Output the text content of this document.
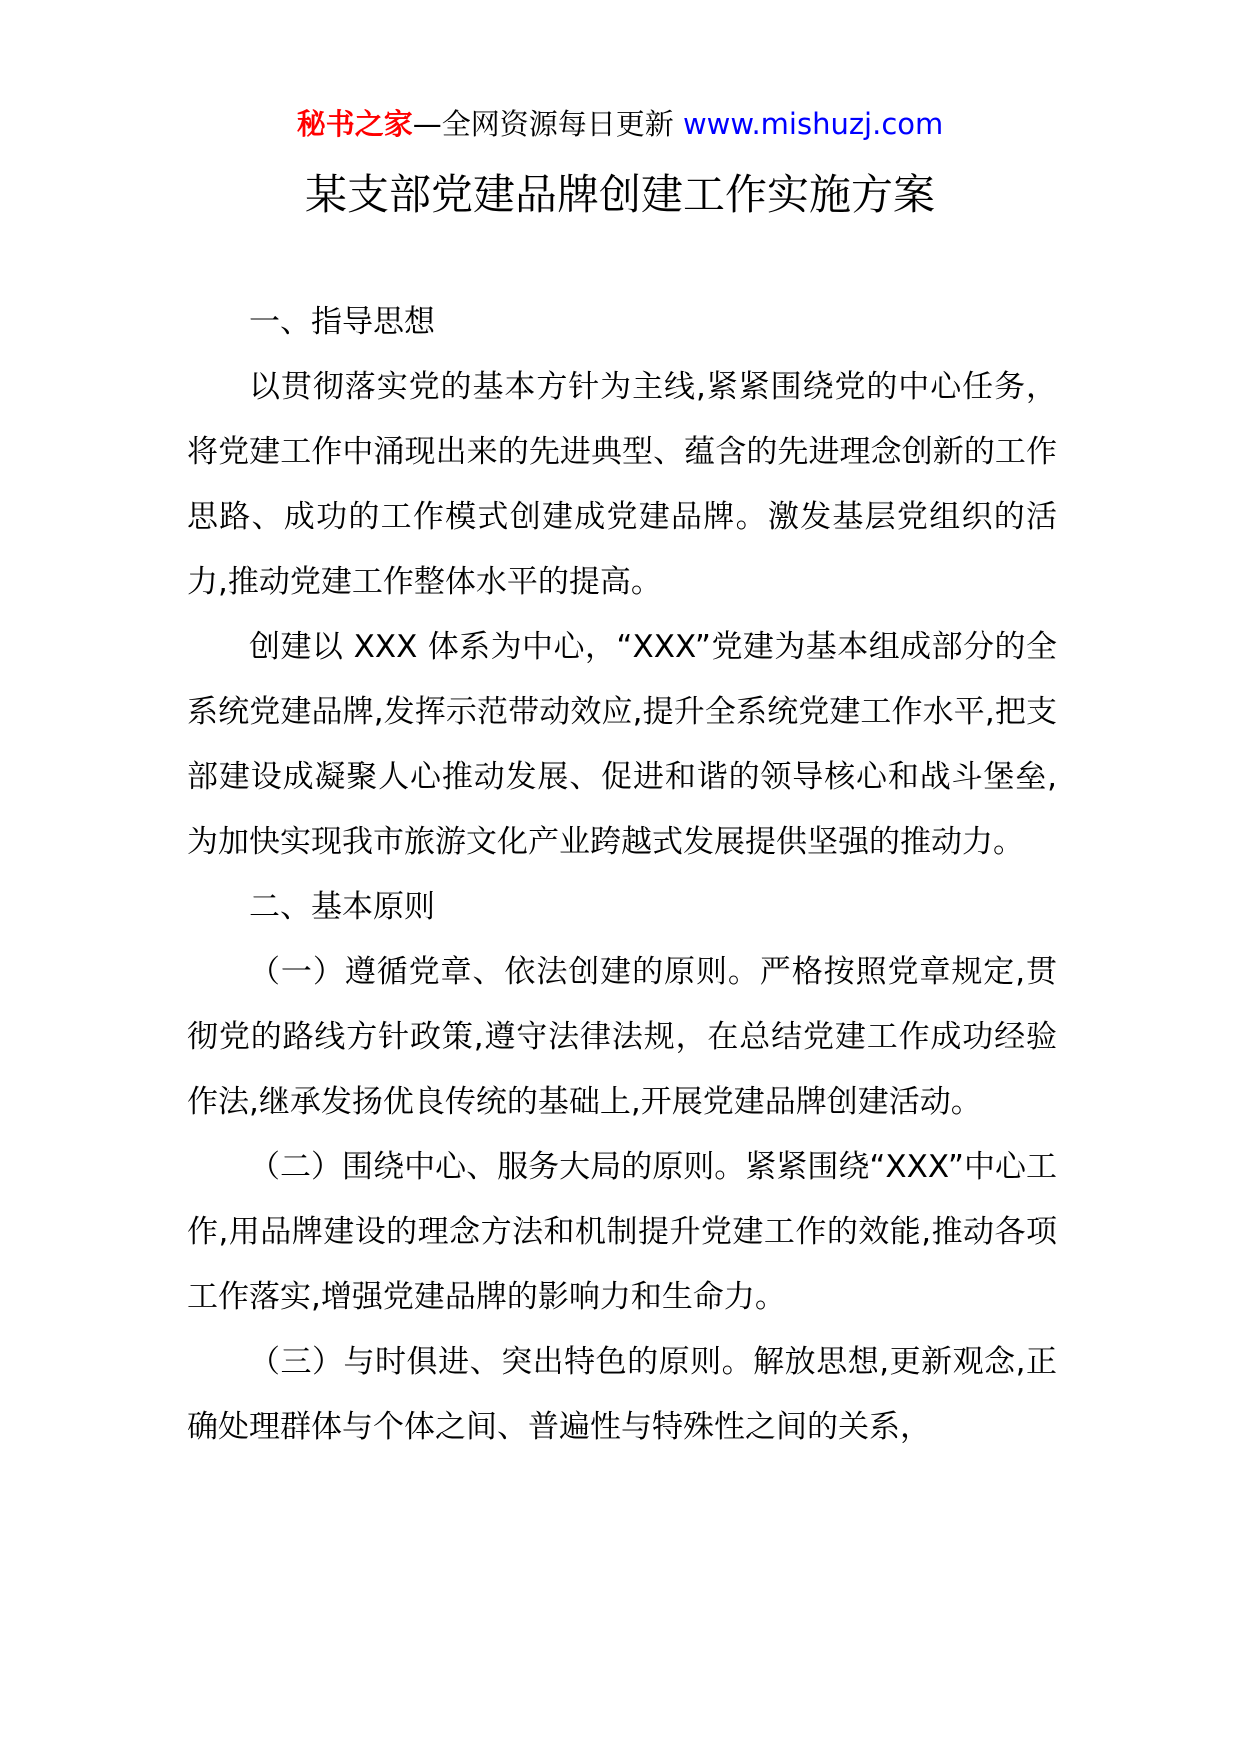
秘书之家—全网资源每日更新 www.mishuzj.com
某支部党建品牌创建工作实施方案

一、指导思想

以贯彻落实党的基本方针为主线,紧紧围绕党的中心任务，将党建工作中涌现出来的先进典型、蕴含的先进理念创新的工作思路、成功的工作模式创建成党建品牌。激发基层党组织的活力,推动党建工作整体水平的提高。

创建以 XXX 体系为中心，“XXX”党建为基本组成部分的全系统党建品牌,发挥示范带动效应,提升全系统党建工作水平,把支部建设成凝聚人心推动发展、促进和谐的领导核心和战斗堡垒,为加快实现我市旅游文化产业跨越式发展提供坚强的推动力。

二、基本原则

（一）遵循党章、依法创建的原则。严格按照党章规定,贯彻党的路线方针政策,遵守法律法规，在总结党建工作成功经验作法,继承发扬优良传统的基础上,开展党建品牌创建活动。

（二）围绕中心、服务大局的原则。紧紧围绕“XXX”中心工作,用品牌建设的理念方法和机制提升党建工作的效能,推动各项工作落实,增强党建品牌的影响力和生命力。

（三）与时俱进、突出特色的原则。解放思想,更新观念,正确处理群体与个体之间、普遍性与特殊性之间的关系，
